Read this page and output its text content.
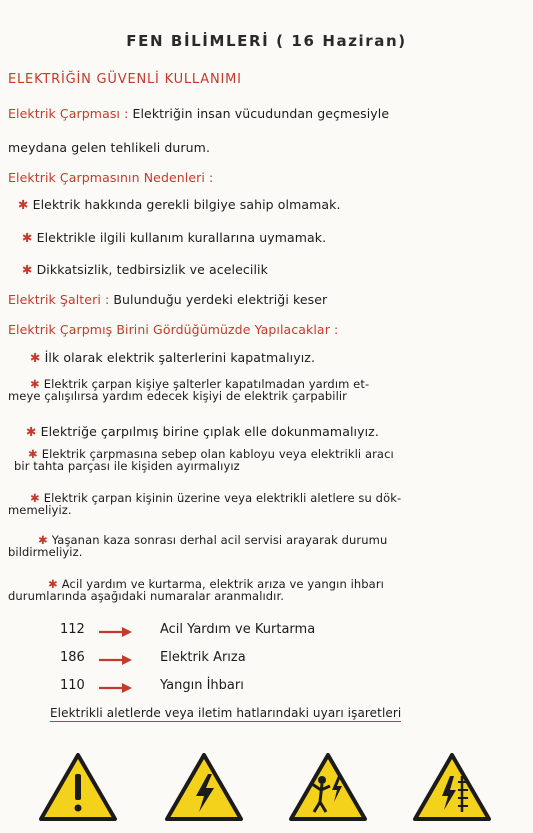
FEN BİLİMLERİ ( 16 Haziran)
ELEKTRİĞİN GÜVENLİ KULLANIMI
Elektrik Çarpması : Elektriğin insan vücudundan geçmesiyle
meydana gelen tehlikeli durum.
Elektrik Çarpmasının Nedenleri :
✱ Elektrik hakkında gerekli bilgiye sahip olmamak.
✱ Elektrikle ilgili kullanım kurallarına uymamak.
✱ Dikkatsizlik, tedbirsizlik ve acelecilik
Elektrik Şalteri : Bulunduğu yerdeki elektriği keser
Elektrik Çarpmış Birini Gördüğümüzde Yapılacaklar :
✱ İlk olarak elektrik şalterlerini kapatmalıyız.
✱ Elektrik çarpan kişiye şalterler kapatılmadan yardım et-
meye çalışılırsa yardım edecek kişiyi de elektrik çarpabilir
✱ Elektriğe çarpılmış birine çıplak elle dokunmamalıyız.
✱ Elektrik çarpmasına sebep olan kabloyu veya elektrikli aracı
bir tahta parçası ile kişiden ayırmalıyız
✱ Elektrik çarpan kişinin üzerine veya elektrikli aletlere su dök-
memeliyiz.
✱ Yaşanan kaza sonrası derhal acil servisi arayarak durumu
bildirmeliyiz.
✱ Acil yardım ve kurtarma, elektrik arıza ve yangın ihbarı
durumlarında aşağıdaki numaralar aranmalıdır.
112	Acil Yardım ve Kurtarma
186	Elektrik Arıza
110	Yangın İhbarı
Elektrikli aletlerde veya iletim hatlarındaki uyarı işaretleri
